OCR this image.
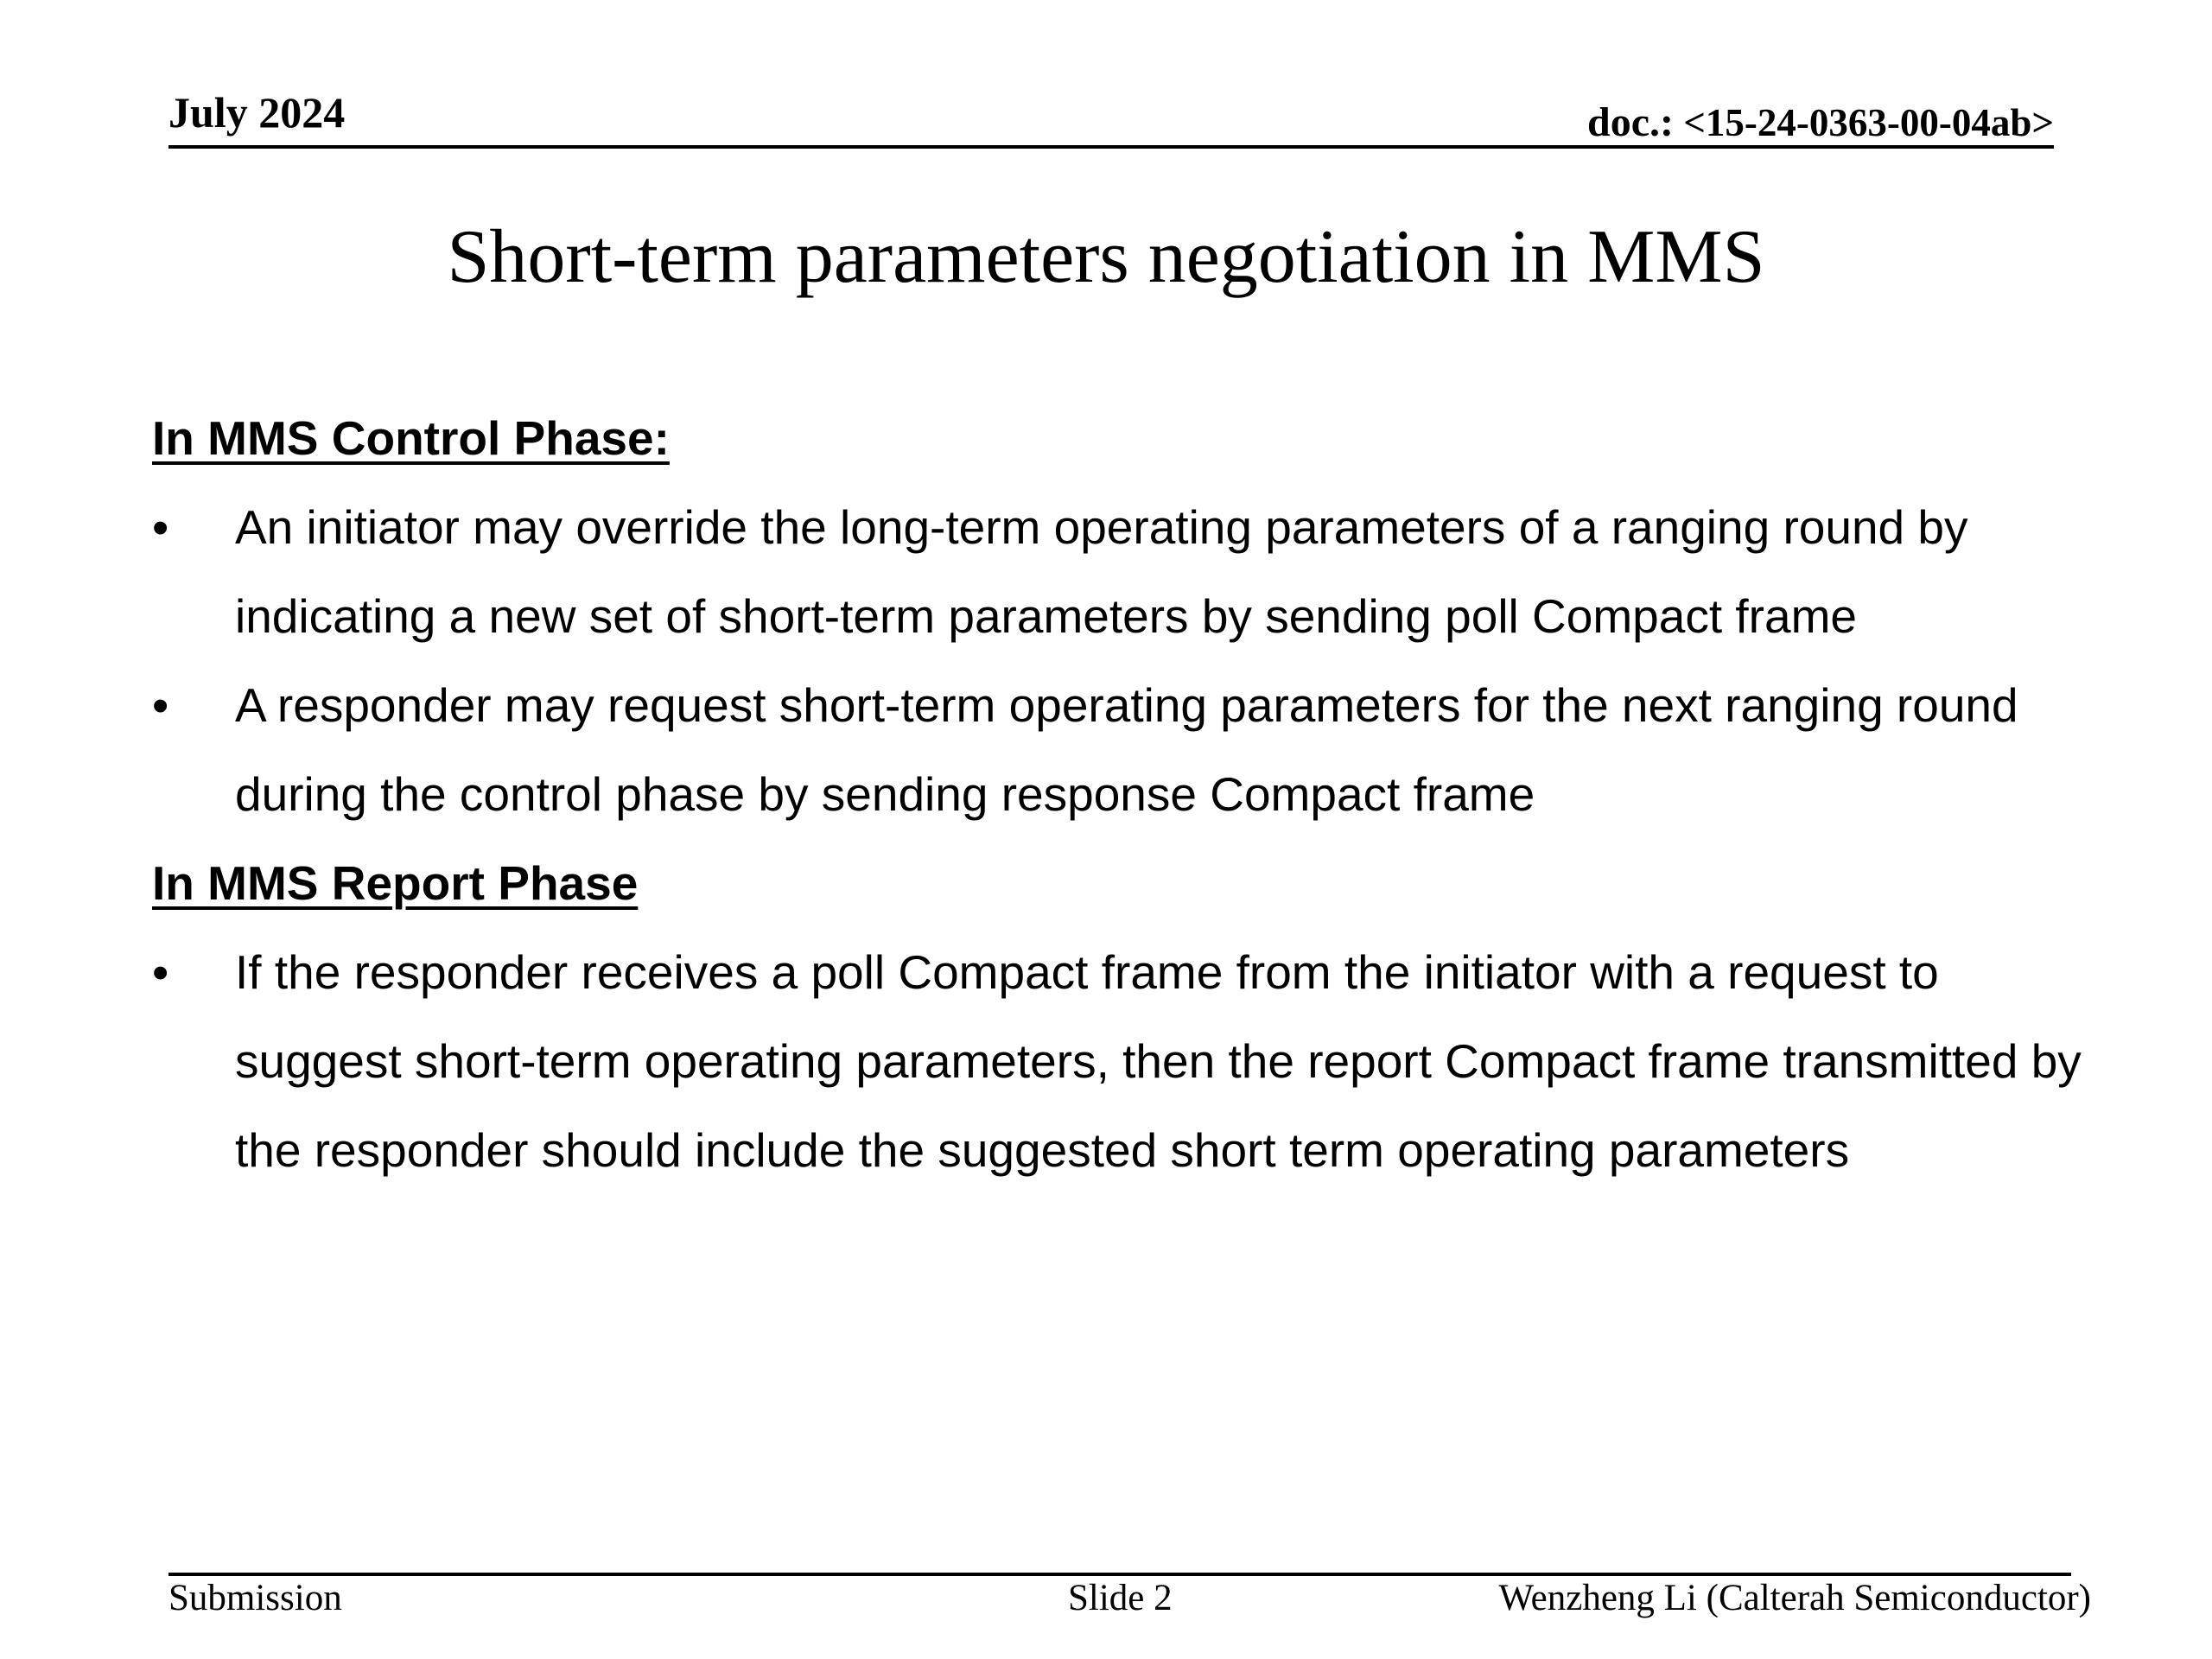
July 2024	doc.: <15-24-0363-00-04ab>
Short-term parameters negotiation in MMS
In MMS Control Phase:
•	An initiator may override the long-term operating parameters of a ranging round by indicating a new set of short-term parameters by sending poll Compact frame
•	A responder may request short-term operating parameters for the next ranging round during the control phase by sending response Compact frame
In MMS Report Phase
•	If the responder receives a poll Compact frame from the initiator with a request to suggest short-term operating parameters, then the report Compact frame transmitted by the responder should include the suggested short term operating parameters
Submission	Slide 2	Wenzheng Li (Calterah Semiconductor)
